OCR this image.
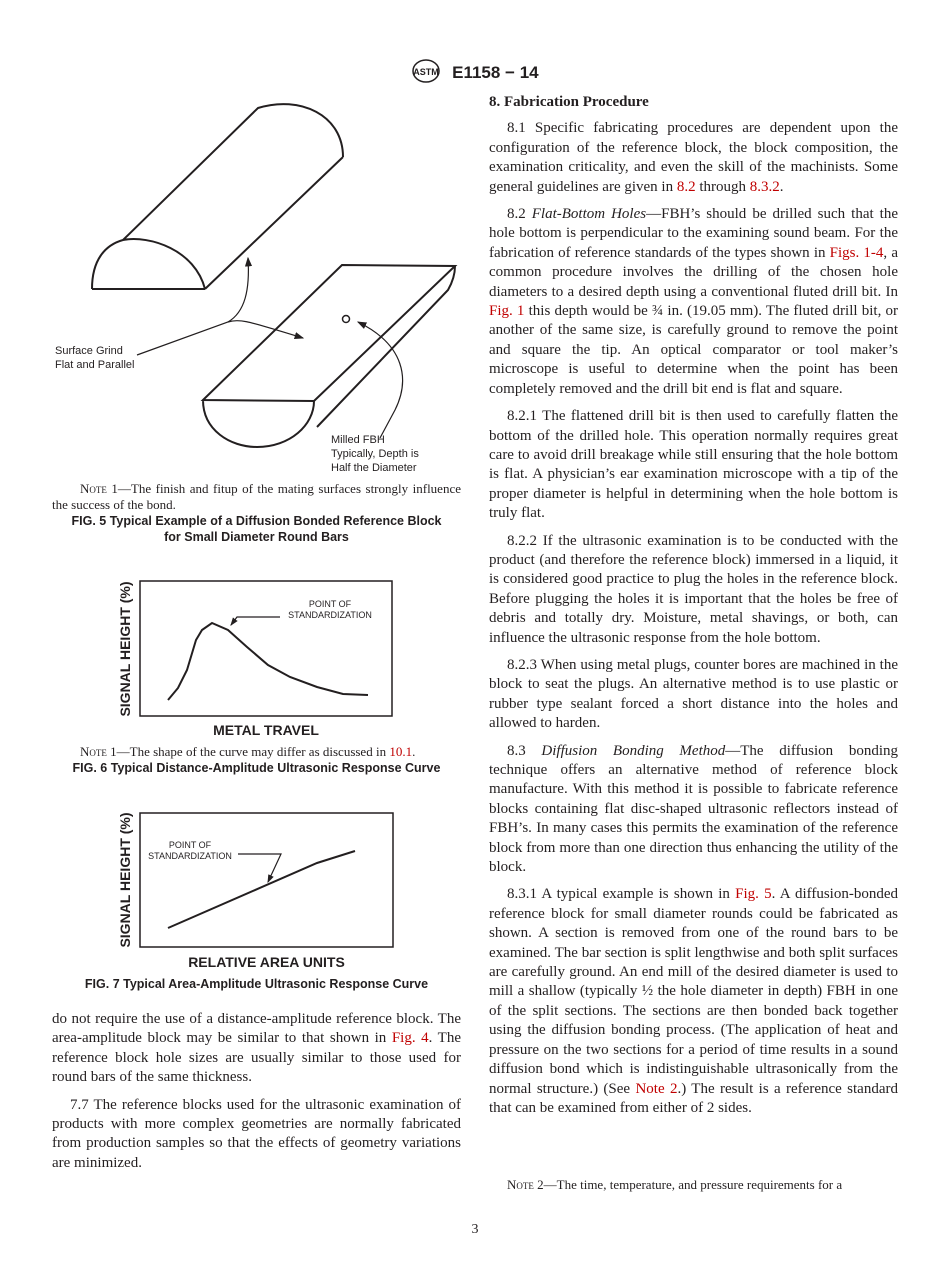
ASTM E1158 − 14
Surface Grind
Flat and Parallel
Milled FBH
Typically, Depth is
Half the Diameter
Note 1—The finish and fitup of the mating surfaces strongly influence the success of the bond.
FIG. 5 Typical Example of a Diffusion Bonded Reference Block
for Small Diameter Round Bars
SIGNAL HEIGHT (%)
METAL TRAVEL
POINT OF
STANDARDIZATION
Note 1—The shape of the curve may differ as discussed in 10.1.
FIG. 6 Typical Distance-Amplitude Ultrasonic Response Curve
SIGNAL HEIGHT (%)
RELATIVE AREA UNITS
POINT OF
STANDARDIZATION
FIG. 7 Typical Area-Amplitude Ultrasonic Response Curve

do not require the use of a distance-amplitude reference block. The area-amplitude block may be similar to that shown in Fig. 4. The reference block hole sizes are usually similar to those used for round bars of the same thickness.

7.7 The reference blocks used for the ultrasonic examination of products with more complex geometries are normally fabricated from production samples so that the effects of geometry variations are minimized.

8. Fabrication Procedure

8.1 Specific fabricating procedures are dependent upon the configuration of the reference block, the block composition, the examination criticality, and even the skill of the machinists. Some general guidelines are given in 8.2 through 8.3.2.

8.2 Flat-Bottom Holes—FBH’s should be drilled such that the hole bottom is perpendicular to the examining sound beam. For the fabrication of reference standards of the types shown in Figs. 1-4, a common procedure involves the drilling of the chosen hole diameters to a desired depth using a conventional fluted drill bit. In Fig. 1 this depth would be ¾ in. (19.05 mm). The fluted drill bit, or another of the same size, is carefully ground to remove the point and square the tip. An optical comparator or tool maker’s microscope is useful to determine when the point has been completely removed and the drill bit end is flat and square.

8.2.1 The flattened drill bit is then used to carefully flatten the bottom of the drilled hole. This operation normally requires great care to avoid drill breakage while still ensuring that the hole bottom is flat. A physician’s ear examination microscope with a tip of the proper diameter is helpful in determining when the hole bottom is truly flat.

8.2.2 If the ultrasonic examination is to be conducted with the product (and therefore the reference block) immersed in a liquid, it is considered good practice to plug the holes in the reference block. Before plugging the holes it is important that the holes be free of debris and totally dry. Moisture, metal shavings, or both, can influence the ultrasonic response from the hole bottom.

8.2.3 When using metal plugs, counter bores are machined in the block to seat the plugs. An alternative method is to use plastic or rubber type sealant forced a short distance into the holes and allowed to harden.

8.3 Diffusion Bonding Method—The diffusion bonding technique offers an alternative method of reference block manufacture. With this method it is possible to fabricate reference blocks containing flat disc-shaped ultrasonic reflectors instead of FBH’s. In many cases this permits the examination of the reference block from more than one direction thus enhancing the utility of the block.

8.3.1 A typical example is shown in Fig. 5. A diffusion-bonded reference block for small diameter rounds could be fabricated as shown. A section is removed from one of the round bars to be examined. The bar section is split lengthwise and both split surfaces are carefully ground. An end mill of the desired diameter is used to mill a shallow (typically ½ the hole diameter in depth) FBH in one of the split sections. The sections are then bonded back together using the diffusion bonding process. (The application of heat and pressure on the two sections for a period of time results in a sound diffusion bond which is indistinguishable ultrasonically from the normal structure.) (See Note 2.) The result is a reference standard that can be examined from either of 2 sides.

Note 2—The time, temperature, and pressure requirements for a
3
